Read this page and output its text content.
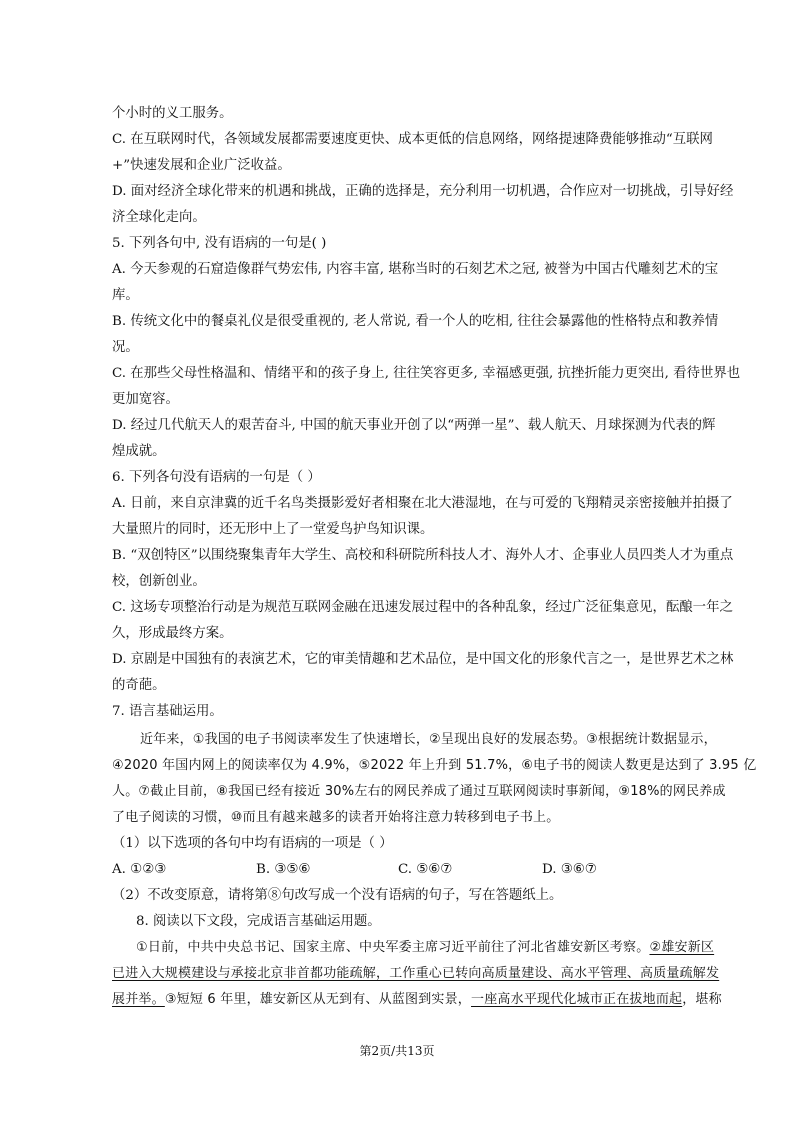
个小时的义工服务。
C. 在互联网时代，各领域发展都需要速度更快、成本更低的信息网络，网络提速降费能够推动“互联网
+”快速发展和企业广泛收益。
D. 面对经济全球化带来的机遇和挑战，正确的选择是，充分利用一切机遇，合作应对一切挑战，引导好经
济全球化走向。
5. 下列各句中, 没有语病的一句是( )
A. 今天参观的石窟造像群气势宏伟, 内容丰富, 堪称当时的石刻艺术之冠, 被誉为中国古代雕刻艺术的宝
库。
B. 传统文化中的餐桌礼仪是很受重视的, 老人常说, 看一个人的吃相, 往往会暴露他的性格特点和教养情
况。
C. 在那些父母性格温和、情绪平和的孩子身上, 往往笑容更多, 幸福感更强, 抗挫折能力更突出, 看待世界也
更加宽容。
D. 经过几代航天人的艰苦奋斗, 中国的航天事业开创了以“两弹一星”、载人航天、月球探测为代表的辉
煌成就。
6. 下列各句没有语病的一句是（ ）
A. 日前，来自京津冀的近千名鸟类摄影爱好者相聚在北大港湿地，在与可爱的飞翔精灵亲密接触并拍摄了
大量照片的同时，还无形中上了一堂爱鸟护鸟知识课。
B. “双创特区”以围绕聚集青年大学生、高校和科研院所科技人才、海外人才、企事业人员四类人才为重点
校，创新创业。
C. 这场专项整治行动是为规范互联网金融在迅速发展过程中的各种乱象，经过广泛征集意见，酝酿一年之
久，形成最终方案。
D. 京剧是中国独有的表演艺术，它的审美情趣和艺术品位，是中国文化的形象代言之一，是世界艺术之林
的奇葩。
7. 语言基础运用。
近年来，①我国的电子书阅读率发生了快速增长，②呈现出良好的发展态势。③根据统计数据显示，
④2020 年国内网上的阅读率仅为 4.9%，⑤2022 年上升到 51.7%，⑥电子书的阅读人数更是达到了 3.95 亿
人。⑦截止目前，⑧我国已经有接近 30%左右的网民养成了通过互联网阅读时事新闻，⑨18%的网民养成
了电子阅读的习惯，⑩而且有越来越多的读者开始将注意力转移到电子书上。
（1）以下选项的各句中均有语病的一项是（ ）
A. ①②③	B. ③⑤⑥	C. ⑤⑥⑦	D. ③⑥⑦
（2）不改变原意，请将第⑧句改写成一个没有语病的句子，写在答题纸上。
8. 阅读以下文段，完成语言基础运用题。
①日前，中共中央总书记、国家主席、中央军委主席习近平前往了河北省雄安新区考察。②雄安新区
已进入大规模建设与承接北京非首都功能疏解，工作重心已转向高质量建设、高水平管理、高质量疏解发
展并举。③短短 6 年里，雄安新区从无到有、从蓝图到实景，一座高水平现代化城市正在拔地而起，堪称
第2页/共13页
